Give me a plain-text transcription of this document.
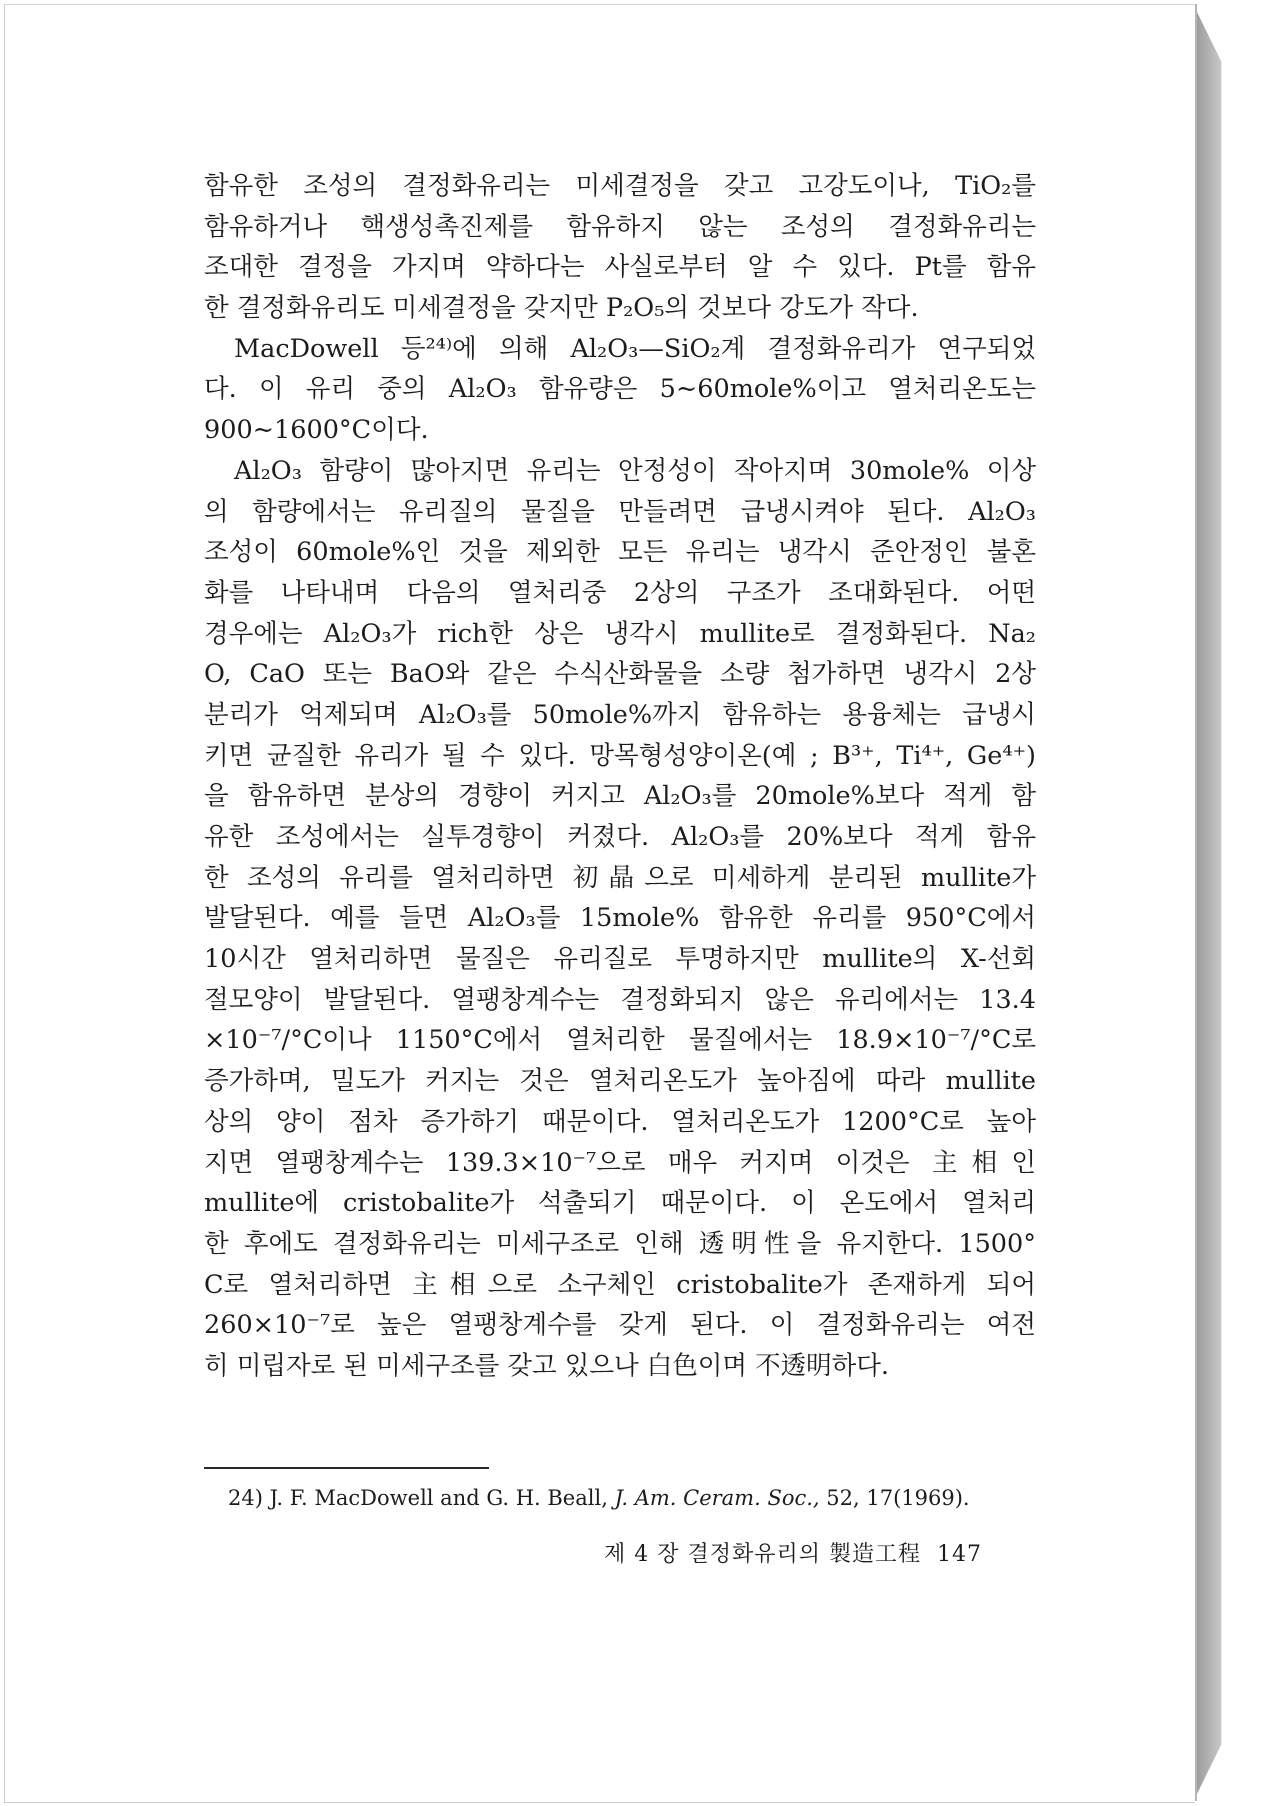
함유한 조성의 결정화유리는 미세결정을 갖고 고강도이나, TiO₂를
함유하거나 핵생성촉진제를 함유하지 않는 조성의 결정화유리는
조대한 결정을 가지며 약하다는 사실로부터 알 수 있다. Pt를 함유
한 결정화유리도 미세결정을 갖지만 P₂O₅의 것보다 강도가 작다.
MacDowell 등²⁴⁾에 의해 Al₂O₃—SiO₂계 결정화유리가 연구되었
다. 이 유리 중의 Al₂O₃ 함유량은 5∼60mole%이고 열처리온도는
900∼1600°C이다.
Al₂O₃ 함량이 많아지면 유리는 안정성이 작아지며 30mole% 이상
의 함량에서는 유리질의 물질을 만들려면 급냉시켜야 된다. Al₂O₃
조성이 60mole%인 것을 제외한 모든 유리는 냉각시 준안정인 불혼
화를 나타내며 다음의 열처리중 2상의 구조가 조대화된다. 어떤
경우에는 Al₂O₃가 rich한 상은 냉각시 mullite로 결정화된다. Na₂
O, CaO 또는 BaO와 같은 수식산화물을 소량 첨가하면 냉각시 2상
분리가 억제되며 Al₂O₃를 50mole%까지 함유하는 용융체는 급냉시
키면 균질한 유리가 될 수 있다. 망목형성양이온(예 ; B³⁺, Ti⁴⁺, Ge⁴⁺)
을 함유하면 분상의 경향이 커지고 Al₂O₃를 20mole%보다 적게 함
유한 조성에서는 실투경향이 커졌다. Al₂O₃를 20%보다 적게 함유
한 조성의 유리를 열처리하면 初晶으로 미세하게 분리된 mullite가
발달된다. 예를 들면 Al₂O₃를 15mole% 함유한 유리를 950°C에서
10시간 열처리하면 물질은 유리질로 투명하지만 mullite의 X-선회
절모양이 발달된다. 열팽창계수는 결정화되지 않은 유리에서는 13.4
×10⁻⁷/°C이나 1150°C에서 열처리한 물질에서는 18.9×10⁻⁷/°C로
증가하며, 밀도가 커지는 것은 열처리온도가 높아짐에 따라 mullite
상의 양이 점차 증가하기 때문이다. 열처리온도가 1200°C로 높아
지면 열팽창계수는 139.3×10⁻⁷으로 매우 커지며 이것은 主相인
mullite에 cristobalite가 석출되기 때문이다. 이 온도에서 열처리
한 후에도 결정화유리는 미세구조로 인해 透明性을 유지한다. 1500°
C로 열처리하면 主相으로 소구체인 cristobalite가 존재하게 되어
260×10⁻⁷로 높은 열팽창계수를 갖게 된다. 이 결정화유리는 여전
히 미립자로 된 미세구조를 갖고 있으나 白色이며 不透明하다.
24) J. F. MacDowell and G. H. Beall, J. Am. Ceram. Soc., 52, 17(1969).
제 4 장 결정화유리의 製造工程 147
